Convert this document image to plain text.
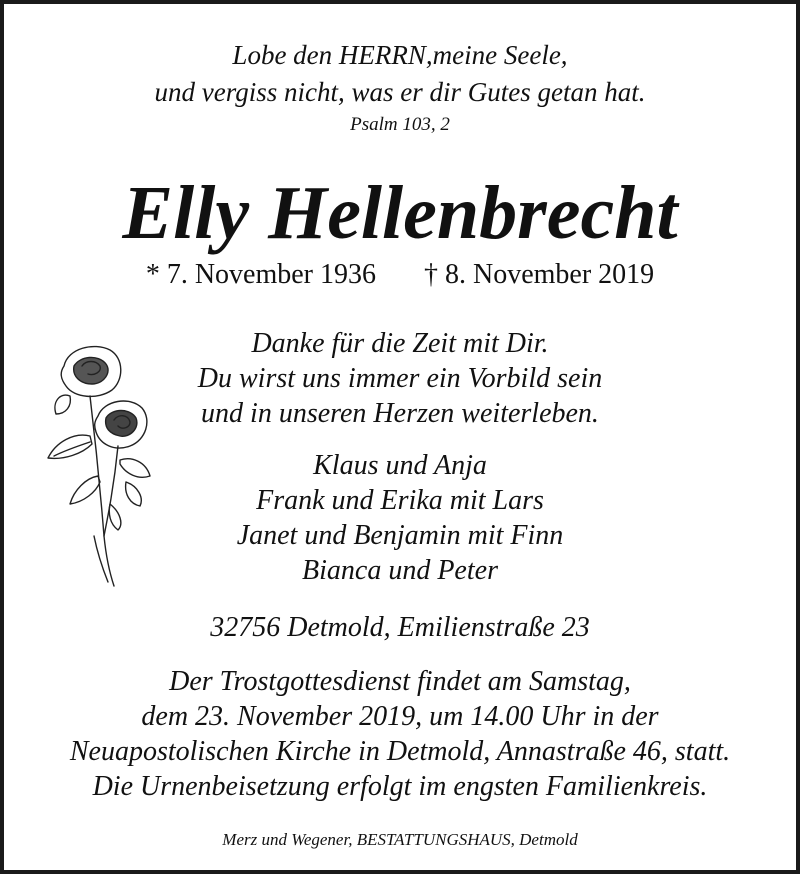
Lobe den HERRN,meine Seele,
und vergiss nicht, was er dir Gutes getan hat.
Psalm 103, 2
Elly Hellenbrecht
* 7. November 1936 † 8. November 2019
Danke für die Zeit mit Dir.
Du wirst uns immer ein Vorbild sein
und in unseren Herzen weiterleben.
Klaus und Anja
Frank und Erika mit Lars
Janet und Benjamin mit Finn
Bianca und Peter
32756 Detmold, Emilienstraße 23
Der Trostgottesdienst findet am Samstag,
dem 23. November 2019, um 14.00 Uhr in der
Neuapostolischen Kirche in Detmold, Annastraße 46, statt.
Die Urnenbeisetzung erfolgt im engsten Familienkreis.
Merz und Wegener, BESTATTUNGSHAUS, Detmold
